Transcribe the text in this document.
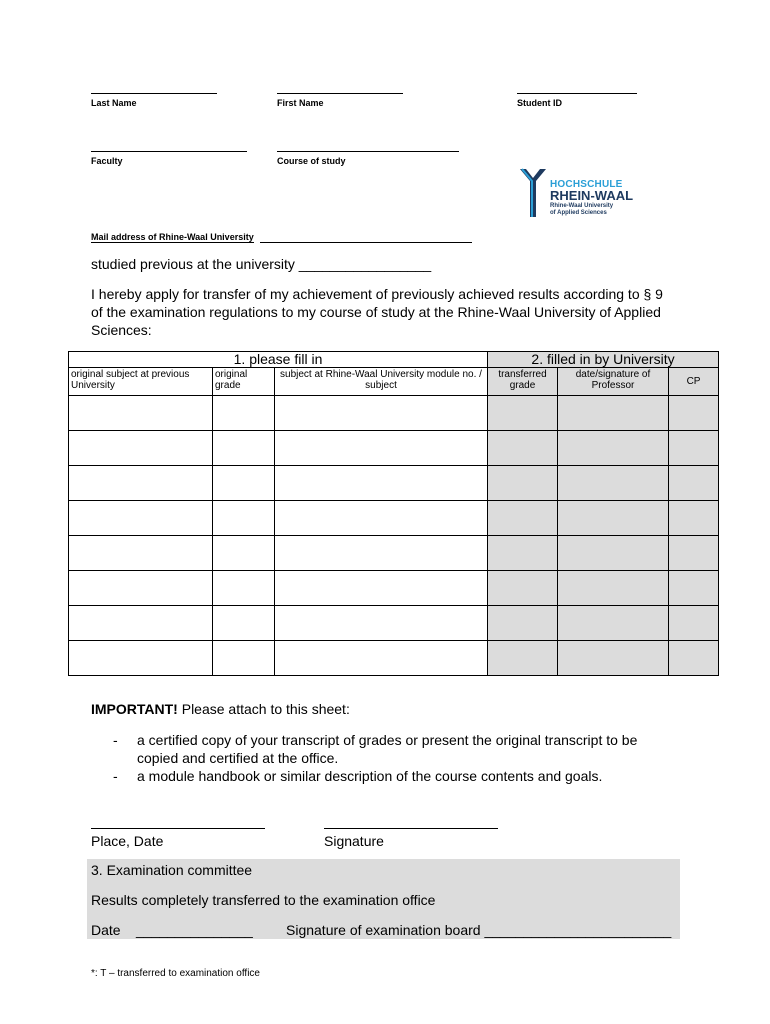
Last Name	First Name	Student ID
Faculty	Course of study
HOCHSCHULE
RHEIN-WAAL
Rhine-Waal University
of Applied Sciences
Mail address of Rhine-Waal University
studied previous at the university _________________
I hereby apply for transfer of my achievement of previously achieved results according to § 9
of the examination regulations to my course of study at the Rhine-Waal University of Applied
Sciences:
1. please fill in			2. filled in by University		
original subject at previous University	original grade	subject at Rhine-Waal University module no. / subject	transferred grade	date/signature of Professor	CP

IMPORTANT! Please attach to this sheet:
- a certified copy of your transcript of grades or present the original transcript to be copied and certified at the office.
- a module handbook or similar description of the course contents and goals.
Place, Date	Signature
3. Examination committee
Results completely transferred to the examination office
Date _______________ Signature of examination board ________________________
*: T – transferred to examination office
